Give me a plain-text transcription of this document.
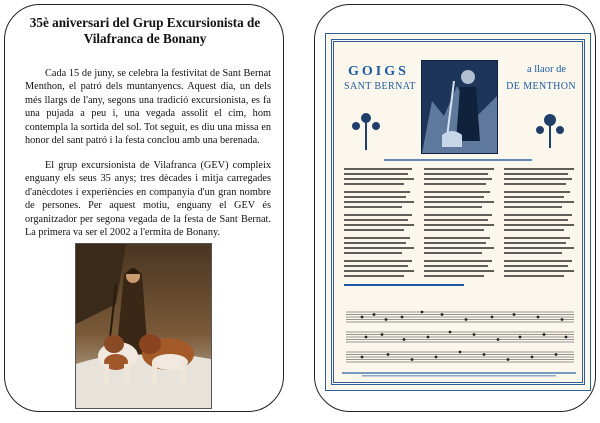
35è aniversari del Grup Excursionista de Vilafranca de Bonany

Cada 15 de juny, se celebra la festivitat de Sant Bernat Menthon, el patró dels muntanyencs. Aquest dia, un dels més llargs de l'any, segons una tradició excursionista, es fa una pujada a peu i, una vegada assolit el cim, hom contempla la sortida del sol. Tot seguit, es diu una missa en honor del sant patró i la festa conclou amb una berenada.

El grup excursionista de Vilafranca (GEV) compleix enguany els seus 35 anys; tres dècades i mitja carregades d'anècdotes i experiències en companyia d'un gran nombre de persones. Per aquest motiu, enguany el GEV és organitzador per segona vegada de la festa de Sant Bernat. La primera va ser el 2002 a l'ermita de Bonany.

GOIGS
SANT BERNAT
a llaor de
DE MENTHON
